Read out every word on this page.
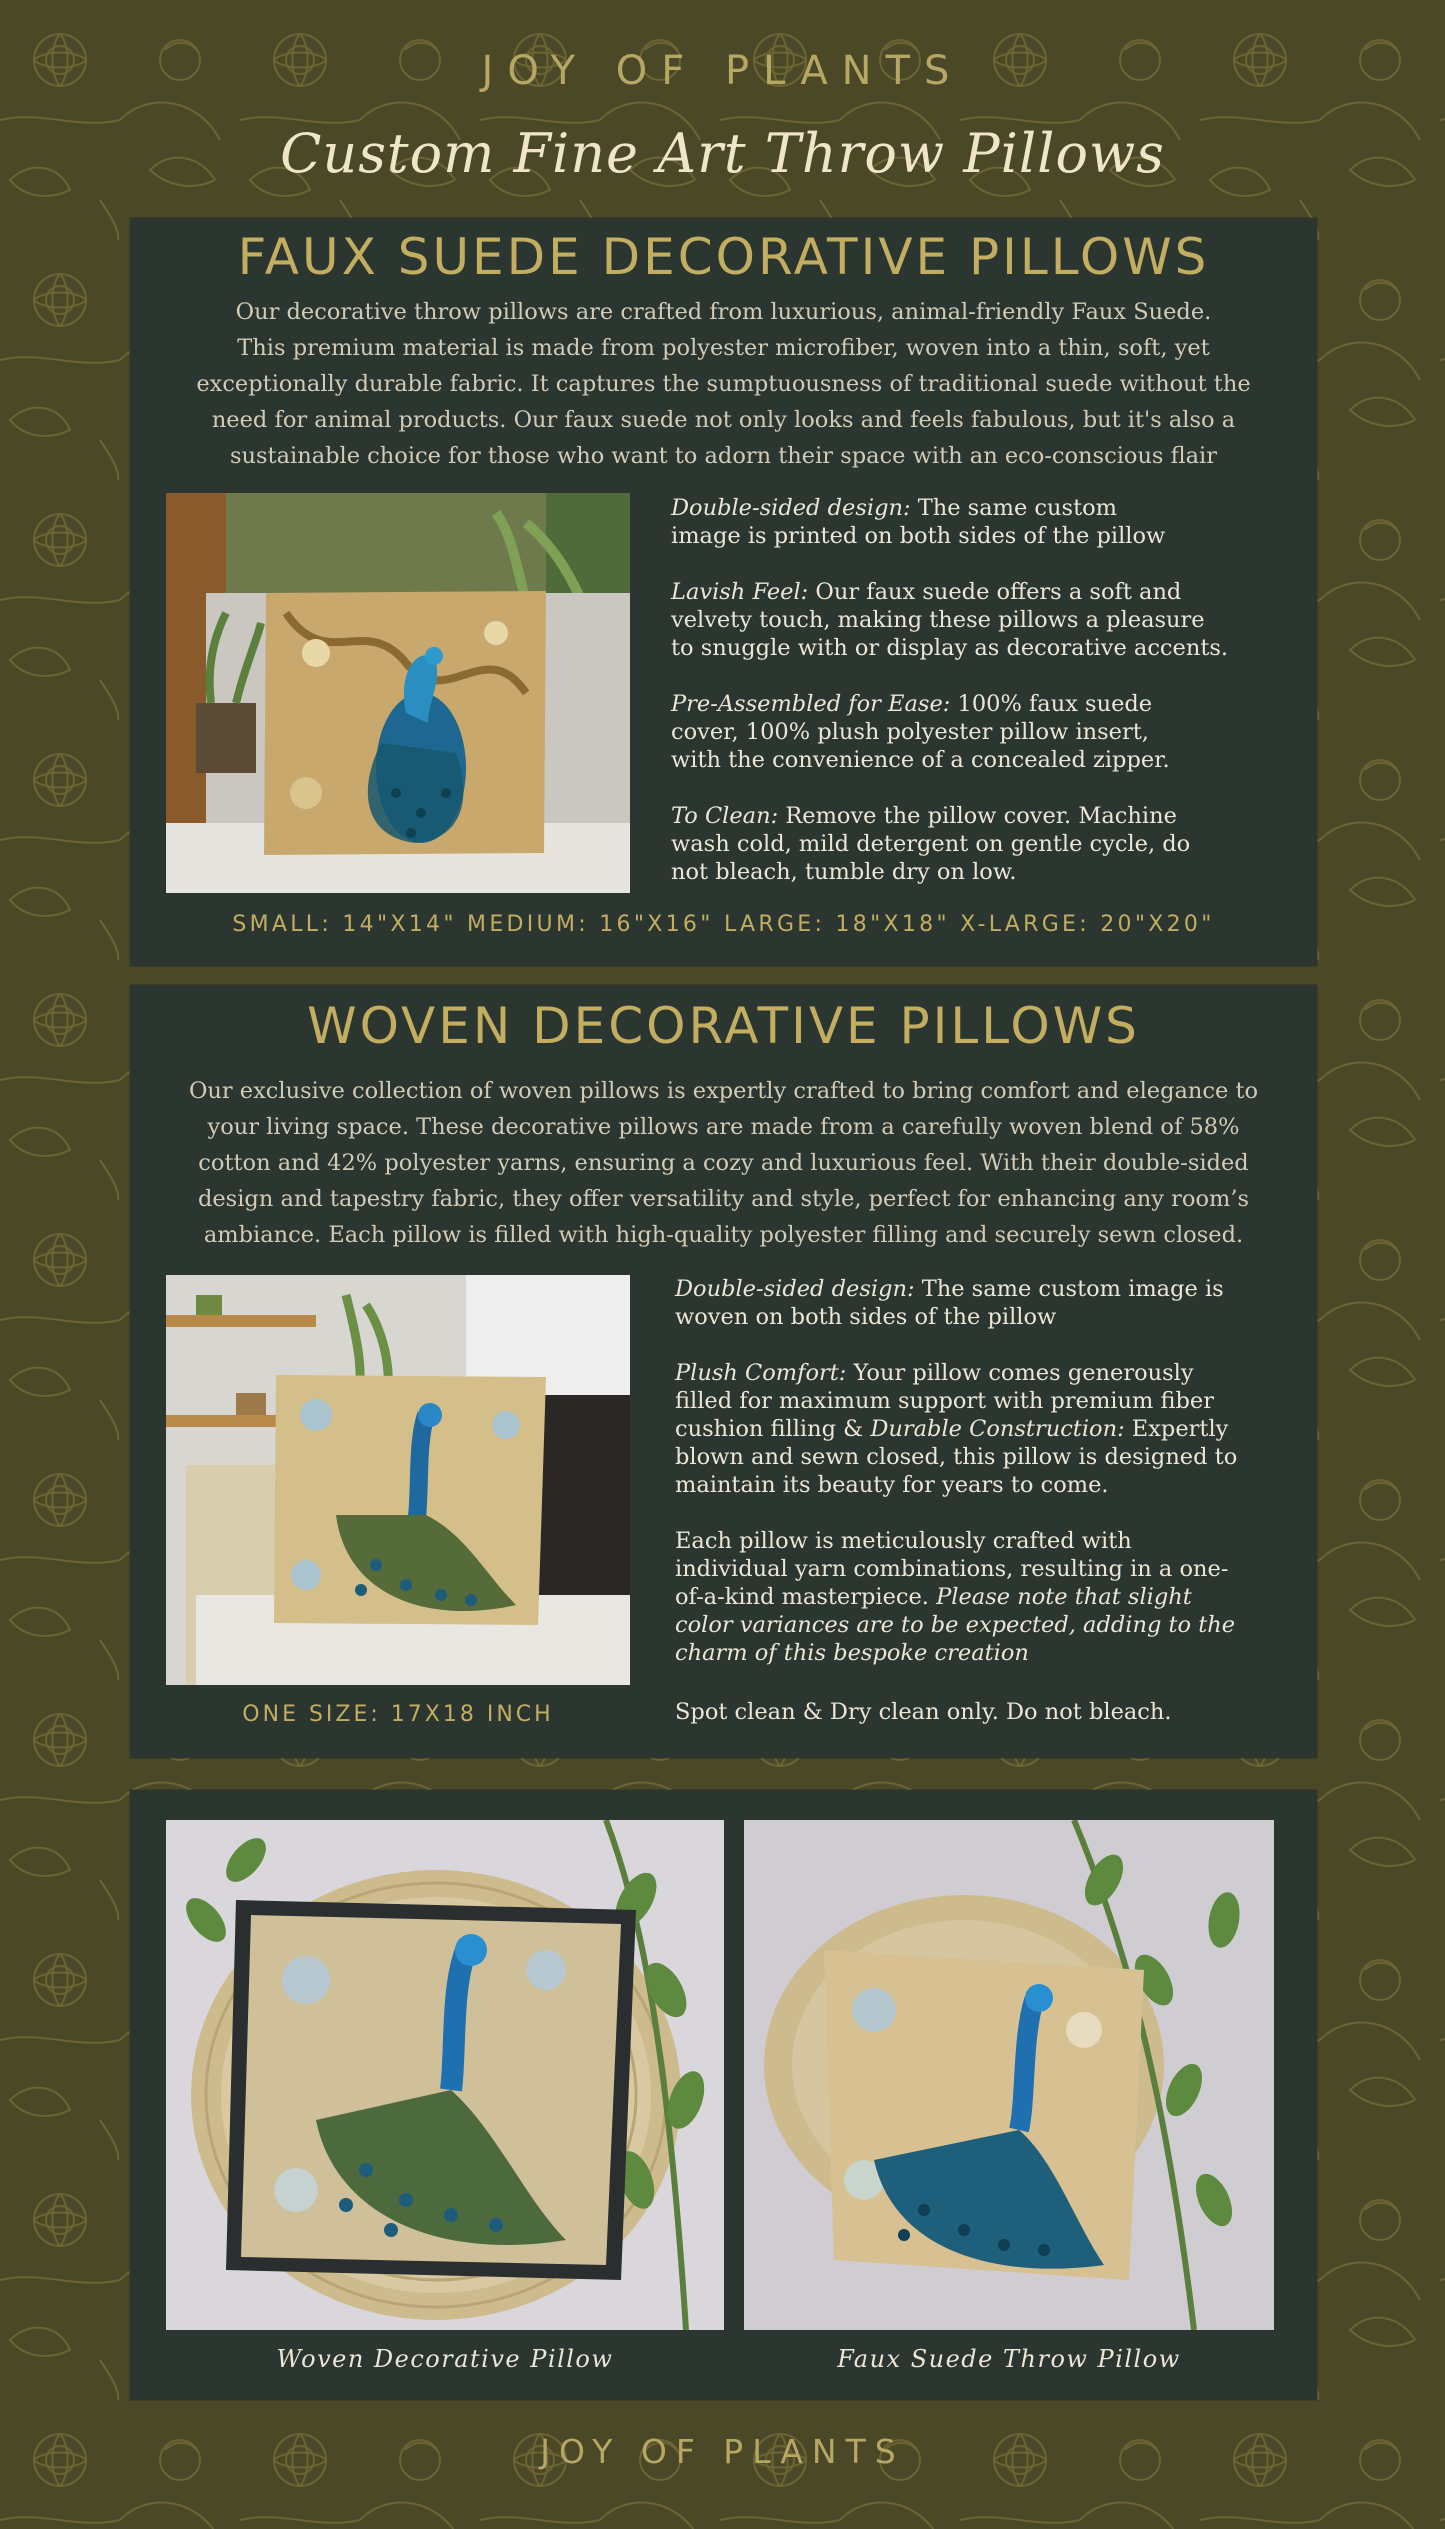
JOY OF PLANTS
Custom Fine Art Throw Pillows
FAUX SUEDE DECORATIVE PILLOWS
Our decorative throw pillows are crafted from luxurious, animal-friendly Faux Suede.
This premium material is made from polyester microfiber, woven into a thin, soft, yet
exceptionally durable fabric. It captures the sumptuousness of traditional suede without the
need for animal products. Our faux suede not only looks and feels fabulous, but it's also a
sustainable choice for those who want to adorn their space with an eco-conscious flair
Double-sided design: The same custom
image is printed on both sides of the pillow
Lavish Feel: Our faux suede offers a soft and
velvety touch, making these pillows a pleasure
to snuggle with or display as decorative accents.
Pre-Assembled for Ease: 100% faux suede
cover, 100% plush polyester pillow insert,
with the convenience of a concealed zipper.
To Clean: Remove the pillow cover. Machine
wash cold, mild detergent on gentle cycle, do
not bleach, tumble dry on low.
SMALL: 14"X14" MEDIUM: 16"X16" LARGE: 18"X18" X-LARGE: 20"X20"
WOVEN DECORATIVE PILLOWS
Our exclusive collection of woven pillows is expertly crafted to bring comfort and elegance to
your living space. These decorative pillows are made from a carefully woven blend of 58%
cotton and 42% polyester yarns, ensuring a cozy and luxurious feel. With their double-sided
design and tapestry fabric, they offer versatility and style, perfect for enhancing any room’s
ambiance. Each pillow is filled with high-quality polyester filling and securely sewn closed.
Double-sided design: The same custom image is
woven on both sides of the pillow
Plush Comfort: Your pillow comes generously
filled for maximum support with premium fiber
cushion filling & Durable Construction: Expertly
blown and sewn closed, this pillow is designed to
maintain its beauty for years to come.
Each pillow is meticulously crafted with
individual yarn combinations, resulting in a one-
of-a-kind masterpiece. Please note that slight
color variances are to be expected, adding to the
charm of this bespoke creation
ONE SIZE: 17X18 INCH	Spot clean & Dry clean only. Do not bleach.
Woven Decorative Pillow	Faux Suede Throw Pillow
JOY OF PLANTS
